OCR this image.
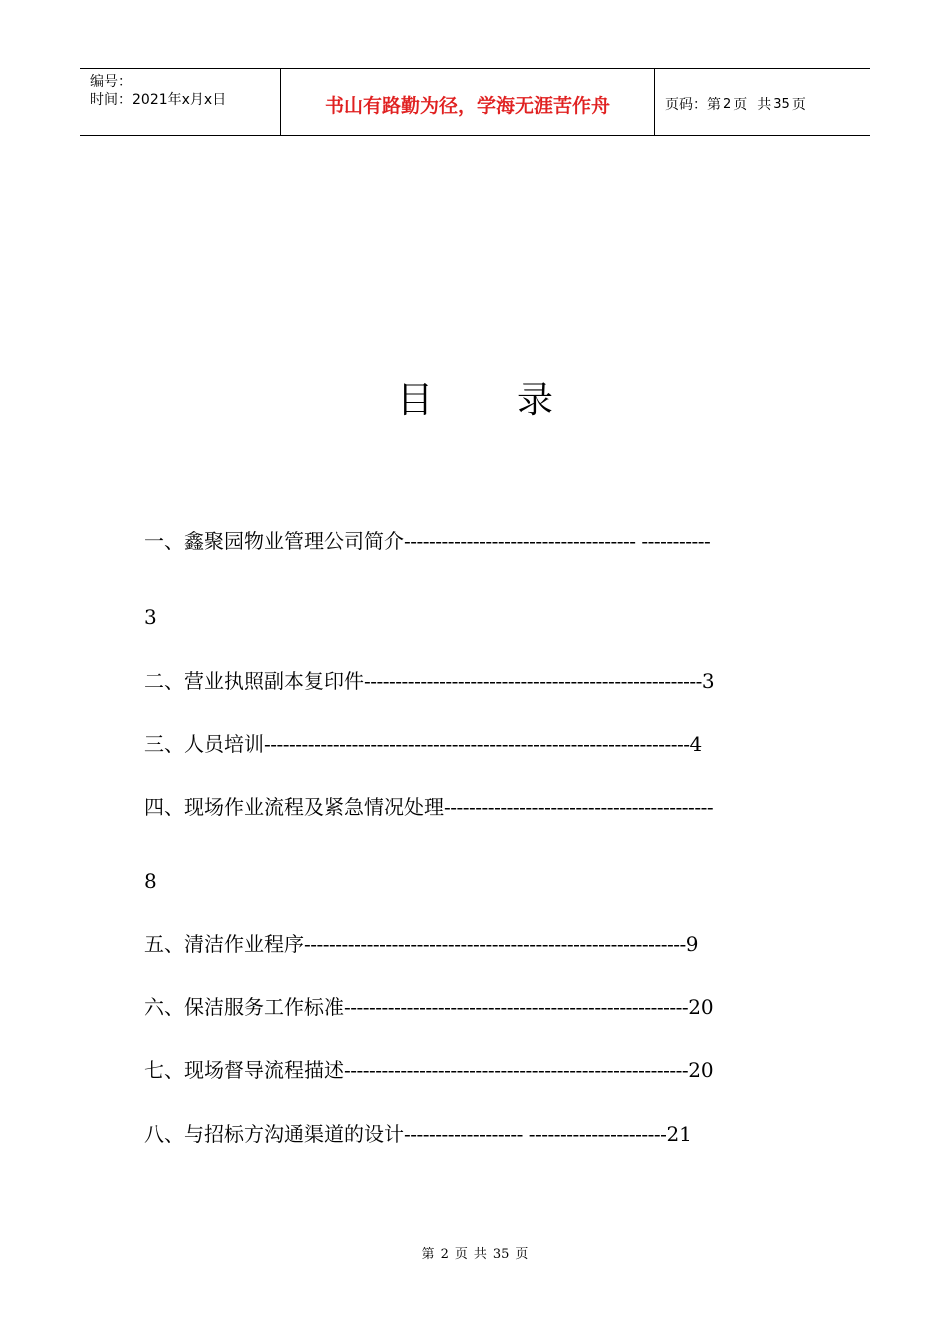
编号：
时间：2021年x月x日	书山有路勤为径，学海无涯苦作舟	页码：第 2 页 共 35 页
目 录
一、鑫聚园物业管理公司简介------------------------------------- -----------
3
二、营业执照副本复印件------------------------------------------------------3
三、人员培训--------------------------------------------------------------------4
四、现场作业流程及紧急情况处理-------------------------------------------
8
五、清洁作业程序-------------------------------------------------------------9
六、保洁服务工作标准-------------------------------------------------------20
七、现场督导流程描述-------------------------------------------------------20
八、与招标方沟通渠道的设计------------------- ----------------------21
第 2 页 共 35 页
